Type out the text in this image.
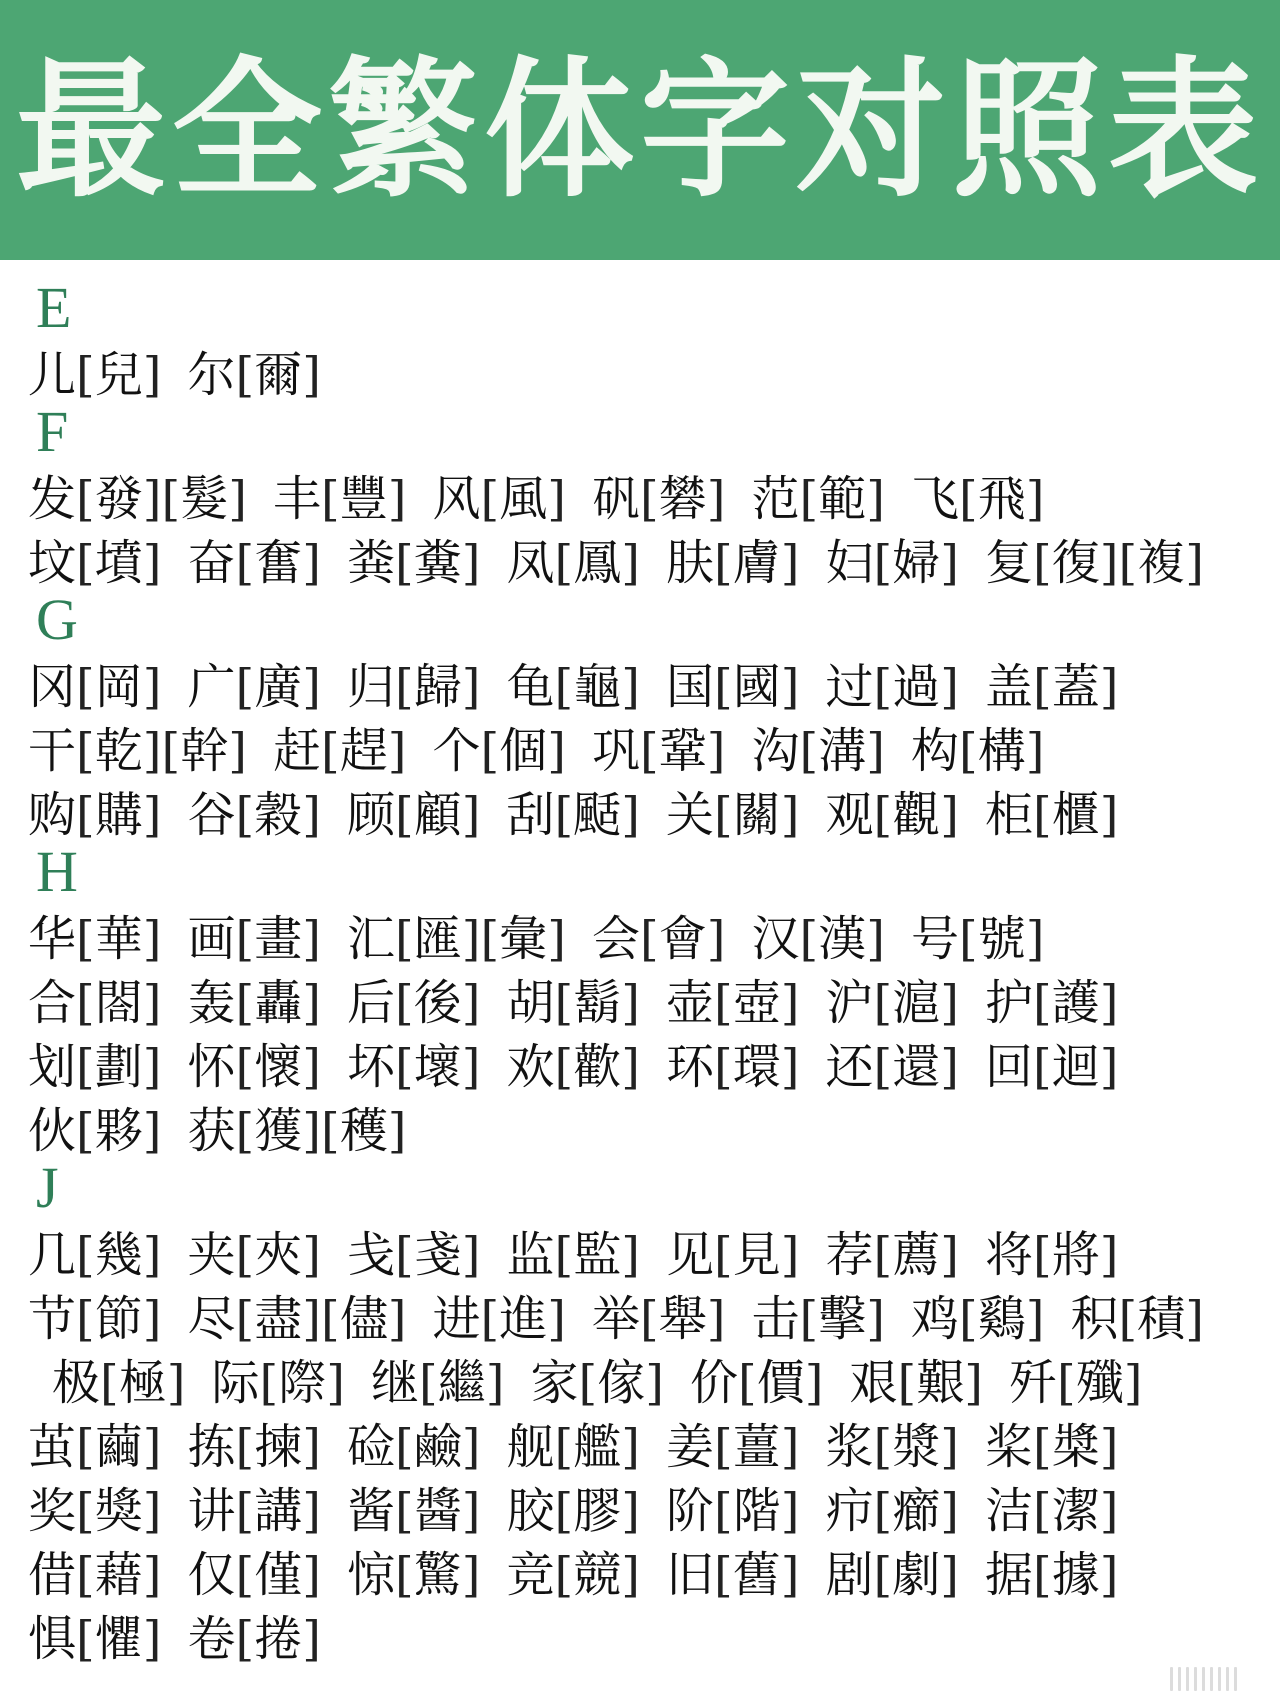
最全繁体字对照表
E
儿[兒] 尔[爾]
F
发[發][髮] 丰[豐] 风[風] 矾[礬] 范[範] 飞[飛]
坟[墳] 奋[奮] 粪[糞] 凤[鳳] 肤[膚] 妇[婦] 复[復][複]
G
冈[岡] 广[廣] 归[歸] 龟[龜] 国[國] 过[過] 盖[蓋]
干[乾][幹] 赶[趕] 个[個] 巩[鞏] 沟[溝] 构[構]
购[購] 谷[穀] 顾[顧] 刮[颳] 关[關] 观[觀] 柜[櫃]
H
华[華] 画[畫] 汇[匯][彙] 会[會] 汉[漢] 号[號]
合[閤] 轰[轟] 后[後] 胡[鬍] 壶[壺] 沪[滬] 护[護]
划[劃] 怀[懷] 坏[壞] 欢[歡] 环[環] 还[還] 回[迴]
伙[夥] 获[獲][穫]
J
几[幾] 夹[夾] 戋[戔] 监[監] 见[見] 荐[薦] 将[將]
节[節] 尽[盡][儘] 进[進] 举[舉] 击[擊] 鸡[鷄] 积[積]
极[極] 际[際] 继[繼] 家[傢] 价[價] 艰[艱] 歼[殲]
茧[繭] 拣[揀] 硷[鹼] 舰[艦] 姜[薑] 浆[漿] 桨[槳]
奖[獎] 讲[講] 酱[醬] 胶[膠] 阶[階] 疖[癤] 洁[潔]
借[藉] 仅[僅] 惊[驚] 竞[競] 旧[舊] 剧[劇] 据[據]
惧[懼] 卷[捲]
